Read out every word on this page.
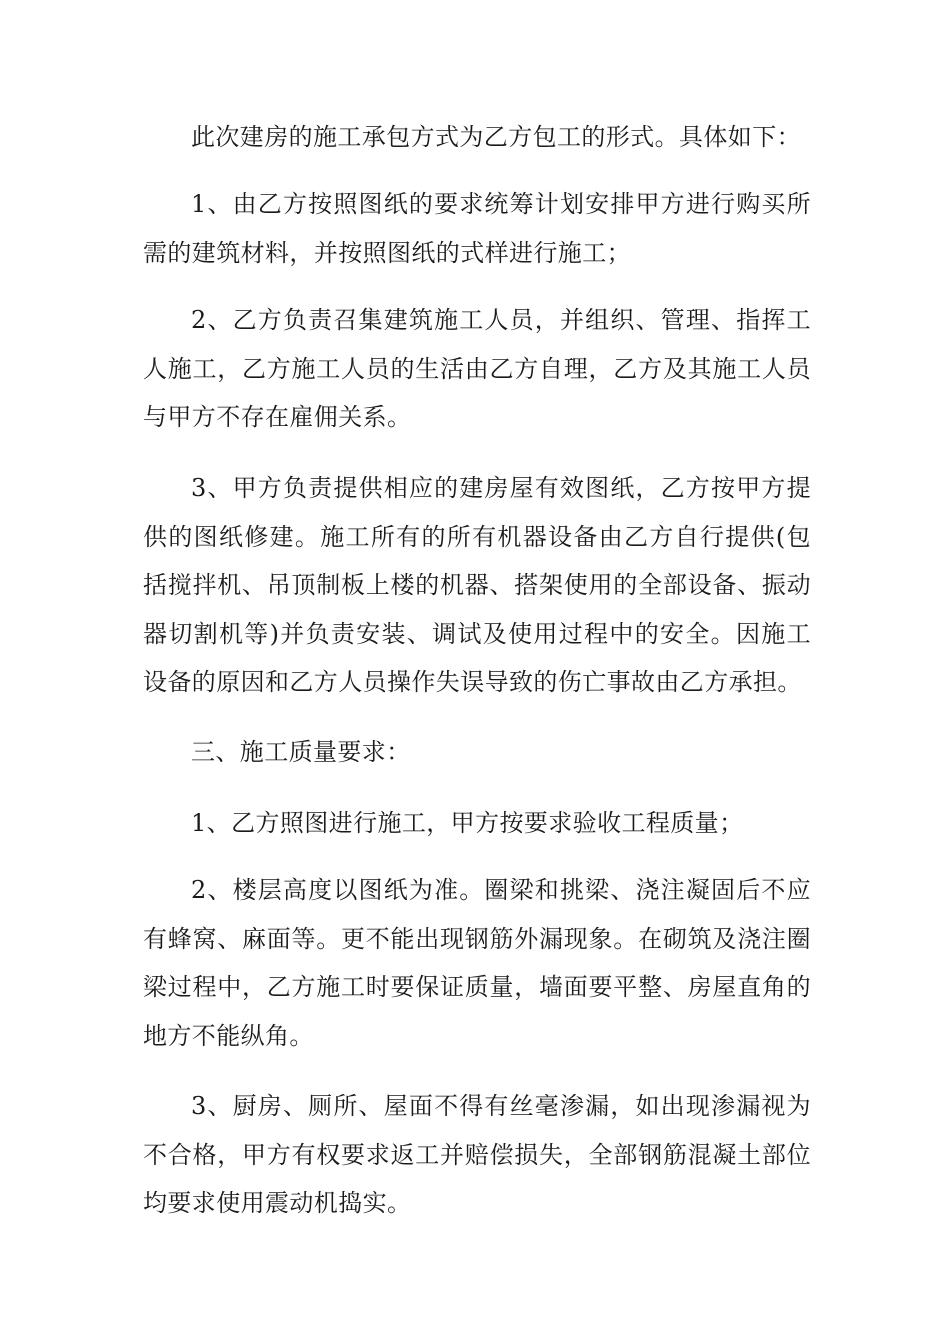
此次建房的施工承包方式为乙方包工的形式。具体如下：

1、由乙方按照图纸的要求统筹计划安排甲方进行购买所需的建筑材料，并按照图纸的式样进行施工；

2、乙方负责召集建筑施工人员，并组织、管理、指挥工人施工，乙方施工人员的生活由乙方自理，乙方及其施工人员与甲方不存在雇佣关系。

3、甲方负责提供相应的建房屋有效图纸，乙方按甲方提供的图纸修建。施工所有的所有机器设备由乙方自行提供(包括搅拌机、吊顶制板上楼的机器、搭架使用的全部设备、振动器切割机等)并负责安装、调试及使用过程中的安全。因施工设备的原因和乙方人员操作失误导致的伤亡事故由乙方承担。

三、施工质量要求：

1、乙方照图进行施工，甲方按要求验收工程质量；

2、楼层高度以图纸为准。圈梁和挑梁、浇注凝固后不应有蜂窝、麻面等。更不能出现钢筋外漏现象。在砌筑及浇注圈梁过程中，乙方施工时要保证质量，墙面要平整、房屋直角的地方不能纵角。

3、厨房、厕所、屋面不得有丝毫渗漏，如出现渗漏视为不合格，甲方有权要求返工并赔偿损失，全部钢筋混凝土部位均要求使用震动机捣实。
